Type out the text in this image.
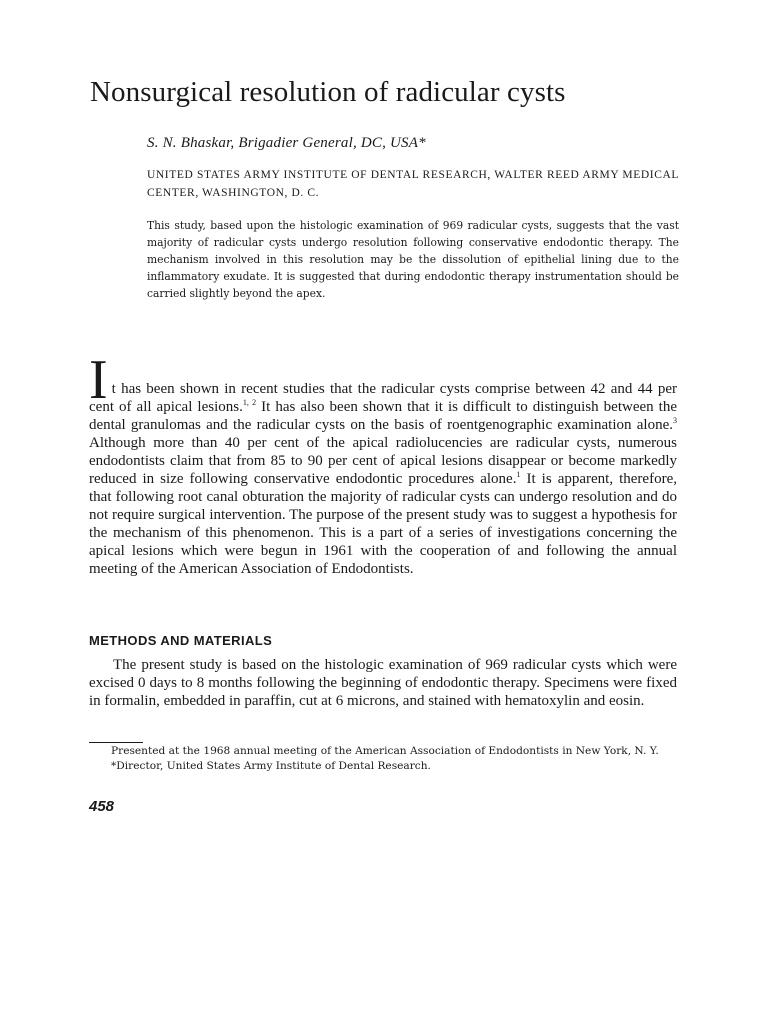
Nonsurgical resolution of radicular cysts

S. N. Bhaskar, Brigadier General, DC, USA*

UNITED STATES ARMY INSTITUTE OF DENTAL RESEARCH, WALTER REED ARMY MEDICAL CENTER, WASHINGTON, D. C.

This study, based upon the histologic examination of 969 radicular cysts, suggests that the vast majority of radicular cysts undergo resolution following conservative endodontic therapy. The mechanism involved in this resolution may be the dissolution of epithelial lining due to the inflammatory exudate. It is suggested that during endodontic therapy instrumentation should be carried slightly beyond the apex.

It has been shown in recent studies that the radicular cysts comprise between 42 and 44 per cent of all apical lesions.$^{1, 2}$ It has also been shown that it is difficult to distinguish between the dental granulomas and the radicular cysts on the basis of roentgenographic examination alone.$^3$ Although more than 40 per cent of the apical radiolucencies are radicular cysts, numerous endodontists claim that from 85 to 90 per cent of apical lesions disappear or become markedly reduced in size following conservative endodontic procedures alone.$^1$ It is apparent, therefore, that following root canal obturation the majority of radicular cysts can undergo resolution and do not require surgical intervention. The purpose of the present study was to suggest a hypothesis for the mechanism of this phenomenon. This is a part of a series of investigations concerning the apical lesions which were begun in 1961 with the cooperation of and following the annual meeting of the American Association of Endodontists.

METHODS AND MATERIALS

The present study is based on the histologic examination of 969 radicular cysts which were excised 0 days to 8 months following the beginning of endodontic therapy. Specimens were fixed in formalin, embedded in paraffin, cut at 6 microns, and stained with hematoxylin and eosin.

Presented at the 1968 annual meeting of the American Association of Endodontists in New York, N. Y.

*Director, United States Army Institute of Dental Research.

458
